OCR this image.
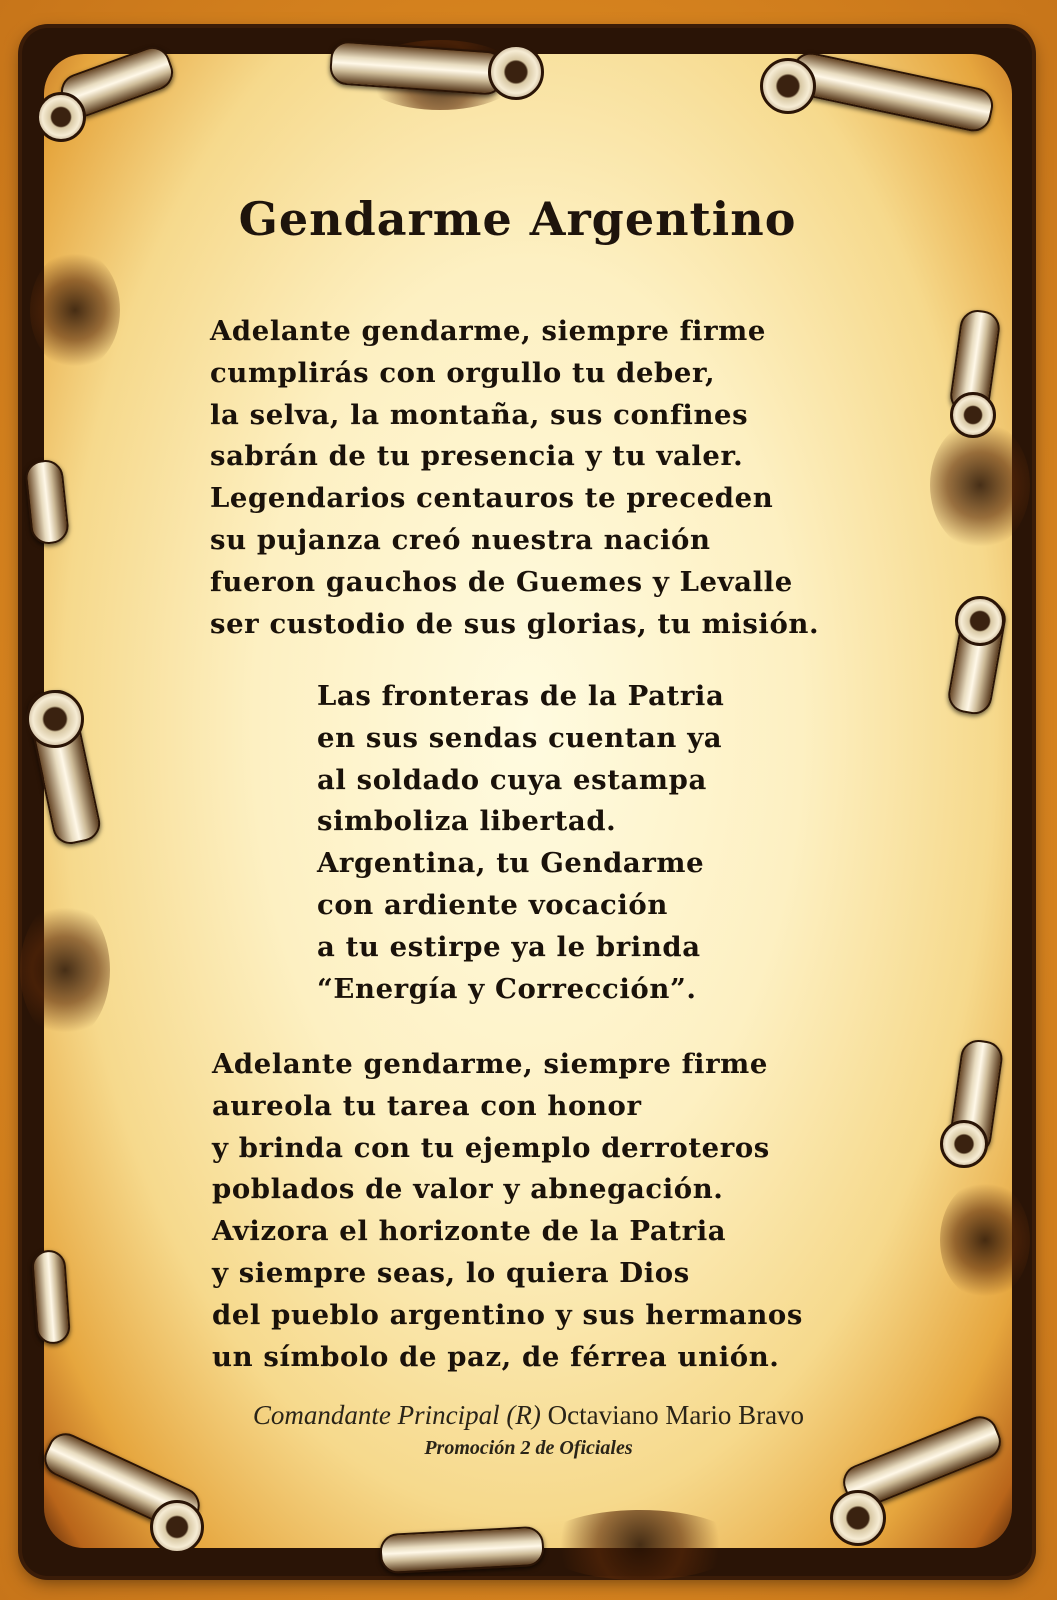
Gendarme Argentino
Adelante gendarme, siempre firme
cumplirás con orgullo tu deber,
la selva, la montaña, sus confines
sabrán de tu presencia y tu valer.
Legendarios centauros te preceden
su pujanza creó nuestra nación
fueron gauchos de Guemes y Levalle
ser custodio de sus glorias, tu misión.
Las fronteras de la Patria
en sus sendas cuentan ya
al soldado cuya estampa
simboliza libertad.
Argentina, tu Gendarme
con ardiente vocación
a tu estirpe ya le brinda
“Energía y Corrección”.
Adelante gendarme, siempre firme
aureola tu tarea con honor
y brinda con tu ejemplo derroteros
poblados de valor y abnegación.
Avizora el horizonte de la Patria
y siempre seas, lo quiera Dios
del pueblo argentino y sus hermanos
un símbolo de paz, de férrea unión.
Comandante Principal (R) Octaviano Mario Bravo
Promoción 2 de Oficiales
